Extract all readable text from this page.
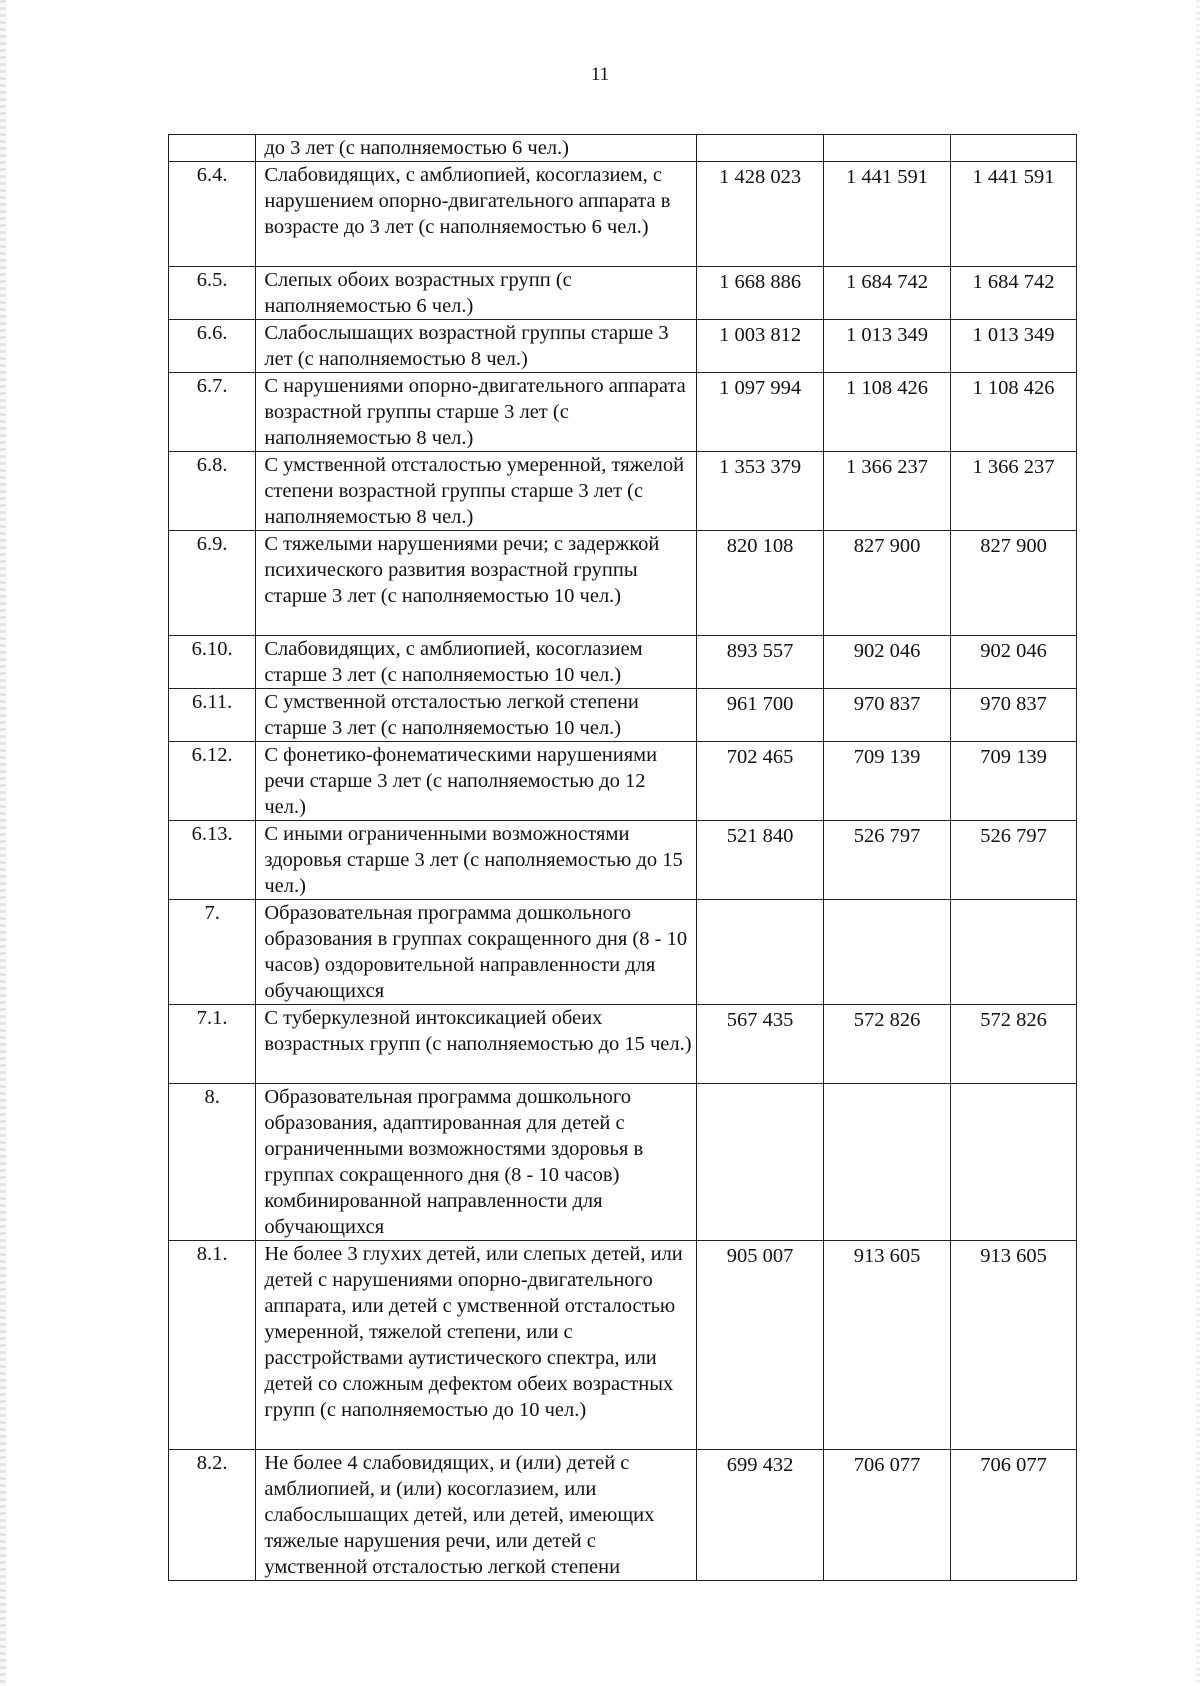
11
	до 3 лет (с наполняемостью 6 чел.)			
6.4.	Слабовидящих, с амблиопией, косоглазием, с нарушением опорно-двигательного аппарата в возрасте до 3 лет (с наполняемостью 6 чел.)	1 428 023	1 441 591	1 441 591
6.5.	Слепых обоих возрастных групп (с наполняемостью 6 чел.)	1 668 886	1 684 742	1 684 742
6.6.	Слабослышащих возрастной группы старше 3 лет (с наполняемостью 8 чел.)	1 003 812	1 013 349	1 013 349
6.7.	С нарушениями опорно-двигательного аппарата возрастной группы старше 3 лет (с наполняемостью 8 чел.)	1 097 994	1 108 426	1 108 426
6.8.	С умственной отсталостью умеренной, тяжелой степени возрастной группы старше 3 лет (с наполняемостью 8 чел.)	1 353 379	1 366 237	1 366 237
6.9.	С тяжелыми нарушениями речи; с задержкой психического развития возрастной группы старше 3 лет (с наполняемостью 10 чел.)	820 108	827 900	827 900
6.10.	Слабовидящих, с амблиопией, косоглазием старше 3 лет (с наполняемостью 10 чел.)	893 557	902 046	902 046
6.11.	С умственной отсталостью легкой степени старше 3 лет (с наполняемостью 10 чел.)	961 700	970 837	970 837
6.12.	С фонетико-фонематическими нарушениями речи старше 3 лет (с наполняемостью до 12 чел.)	702 465	709 139	709 139
6.13.	С иными ограниченными возможностями здоровья старше 3 лет (с наполняемостью до 15 чел.)	521 840	526 797	526 797
7.	Образовательная программа дошкольного образования в группах сокращенного дня (8 - 10 часов) оздоровительной направленности для обучающихся			
7.1.	С туберкулезной интоксикацией обеих возрастных групп (с наполняемостью до 15 чел.)	567 435	572 826	572 826
8.	Образовательная программа дошкольного образования, адаптированная для детей с ограниченными возможностями здоровья в группах сокращенного дня (8 - 10 часов) комбинированной направленности для обучающихся			
8.1.	Не более 3 глухих детей, или слепых детей, или детей с нарушениями опорно-двигательного аппарата, или детей с умственной отсталостью умеренной, тяжелой степени, или с расстройствами аутистического спектра, или детей со сложным дефектом обеих возрастных групп (с наполняемостью до 10 чел.)	905 007	913 605	913 605
8.2.	Не более 4 слабовидящих, и (или) детей с амблиопией, и (или) косоглазием, или слабослышащих детей, или детей, имеющих тяжелые нарушения речи, или детей с умственной отсталостью легкой степени	699 432	706 077	706 077
